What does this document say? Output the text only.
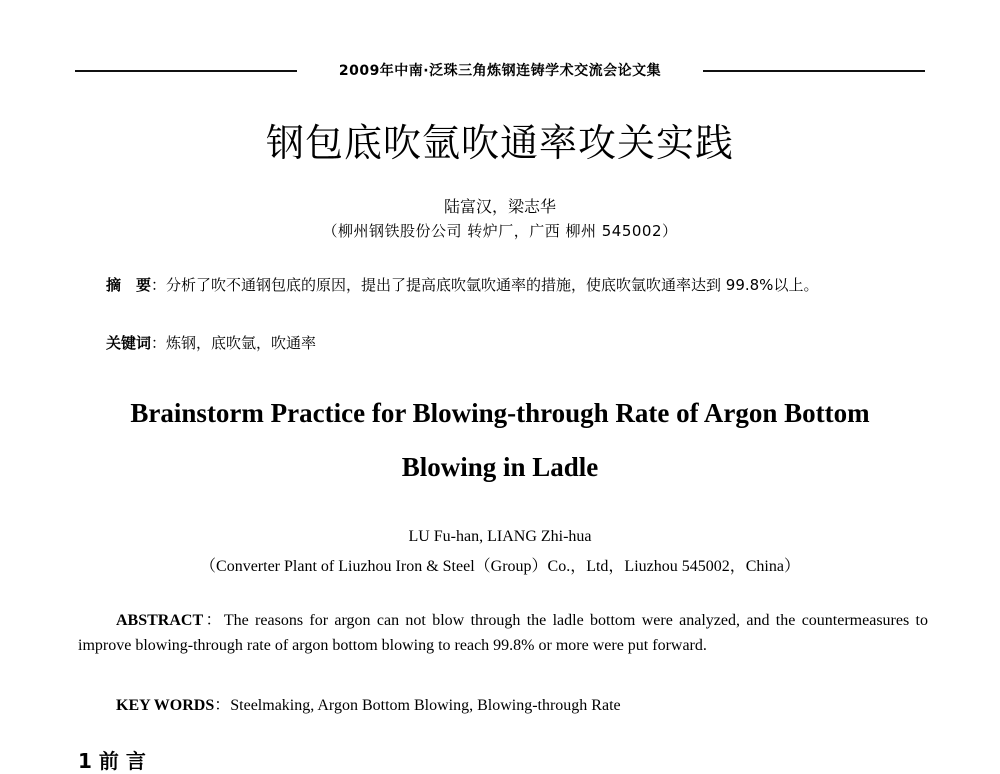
2009年中南·泛珠三角炼钢连铸学术交流会论文集
钢包底吹氩吹通率攻关实践
陆富汉，梁志华
（柳州钢铁股份公司 转炉厂，广西 柳州 545002）
摘　要：分析了吹不通钢包底的原因，提出了提高底吹氩吹通率的措施，使底吹氩吹通率达到 99.8%以上。
关键词：炼钢，底吹氩，吹通率
Brainstorm Practice for Blowing-through Rate of Argon Bottom
Blowing in Ladle
LU Fu-han, LIANG Zhi-hua
（Converter Plant of Liuzhou Iron & Steel（Group）Co.，Ltd，Liuzhou 545002，China）
ABSTRACT：The reasons for argon can not blow through the ladle bottom were analyzed, and the countermeasures to improve blowing-through rate of argon bottom blowing to reach 99.8% or more were put forward.
KEY WORDS：Steelmaking, Argon Bottom Blowing, Blowing-through Rate
1 前 言
